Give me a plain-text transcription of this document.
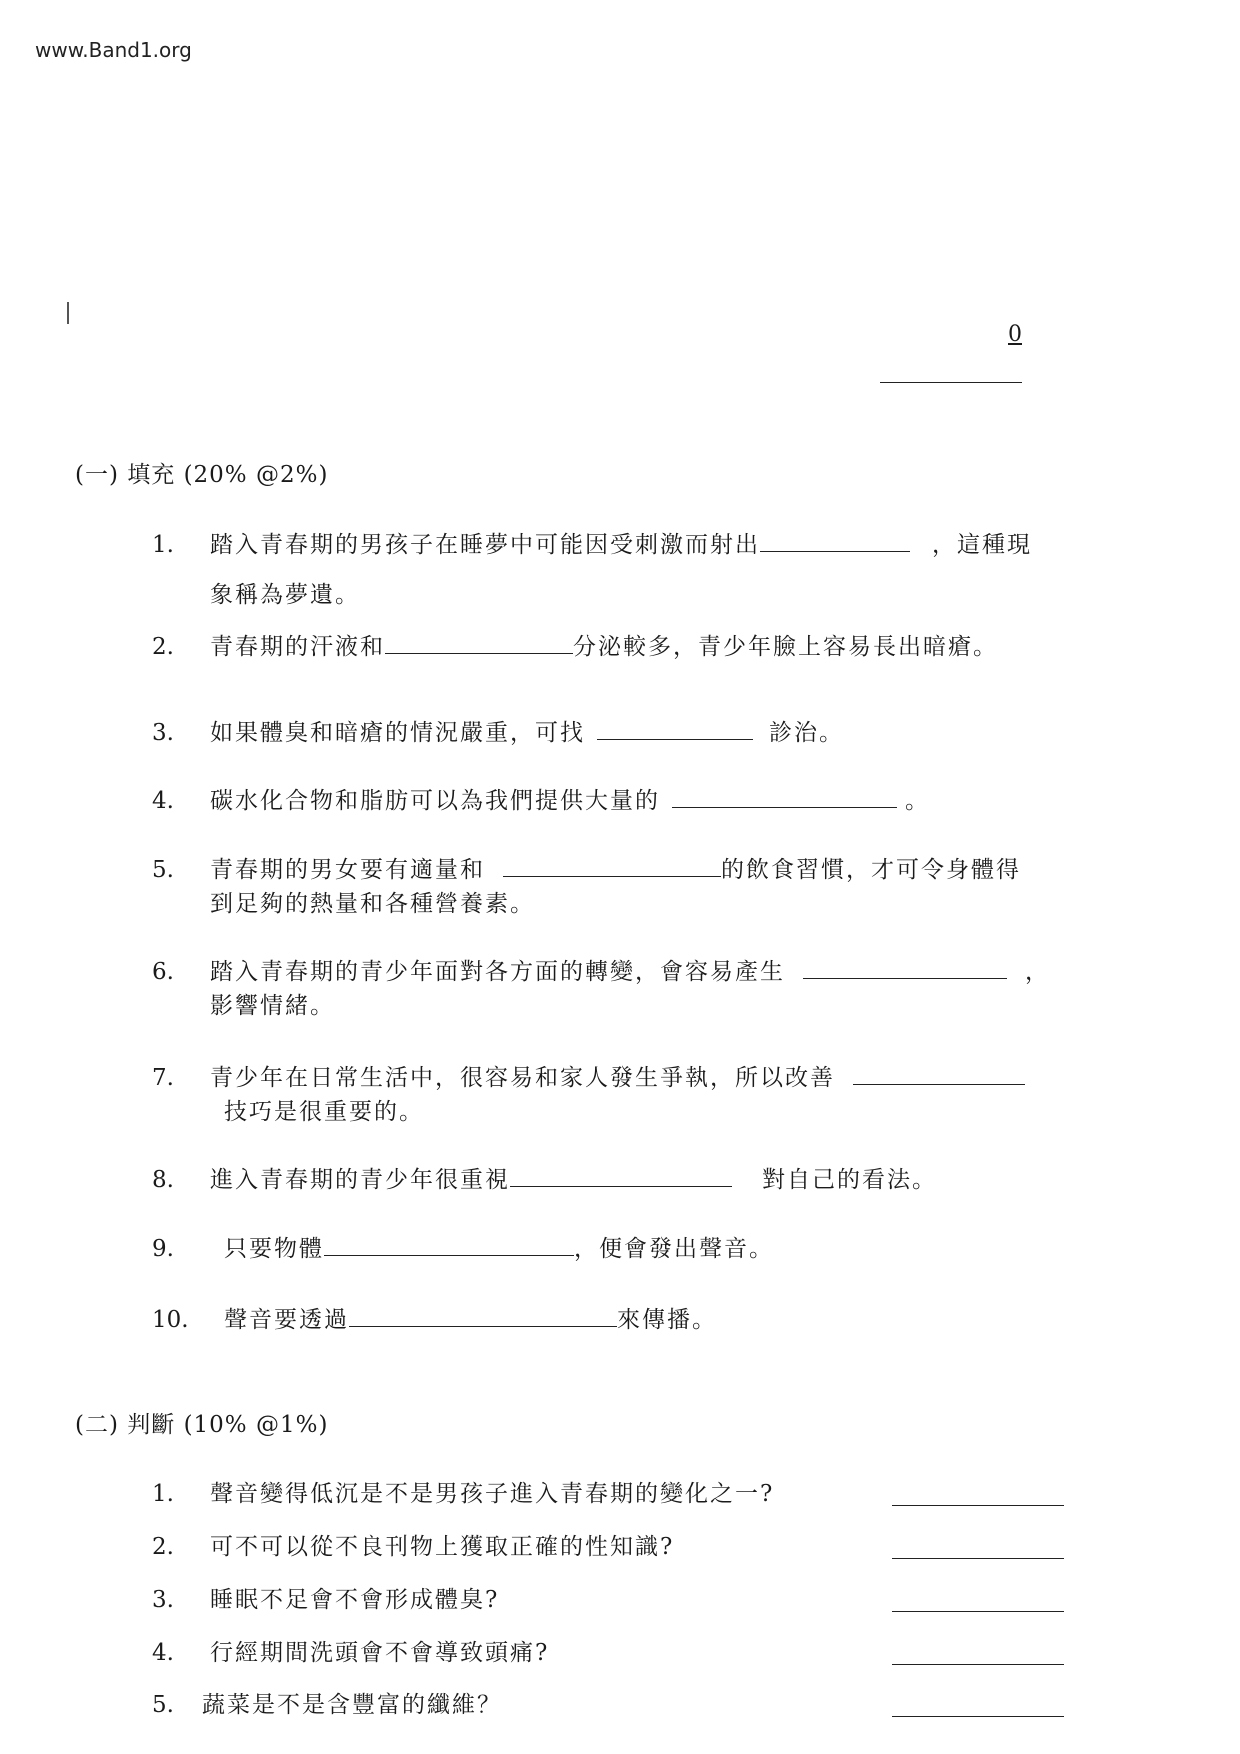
www.Band1.org
0
(一) 填充 (20% @2%)
1.	踏入青春期的男孩子在睡夢中可能因受刺激而射出	，這種現
象稱為夢遺。
2.	青春期的汗液和	分泌較多，青少年臉上容易長出暗瘡。
3.	如果體臭和暗瘡的情況嚴重，可找	診治。
4.	碳水化合物和脂肪可以為我們提供大量的	。
5.	青春期的男女要有適量和	的飲食習慣，才可令身體得
到足夠的熱量和各種營養素。
6.	踏入青春期的青少年面對各方面的轉變，會容易產生	，
影響情緒。
7.	青少年在日常生活中，很容易和家人發生爭執，所以改善
技巧是很重要的。
8.	進入青春期的青少年很重視	對自己的看法。
9.	只要物體	，便會發出聲音。
10.	聲音要透過	來傳播。
(二) 判斷 (10% @1%)
1.	聲音變得低沉是不是男孩子進入青春期的變化之一?
2.	可不可以從不良刊物上獲取正確的性知識?
3.	睡眠不足會不會形成體臭?
4.	行經期間洗頭會不會導致頭痛?
5.	蔬菜是不是含豐富的纖維？
